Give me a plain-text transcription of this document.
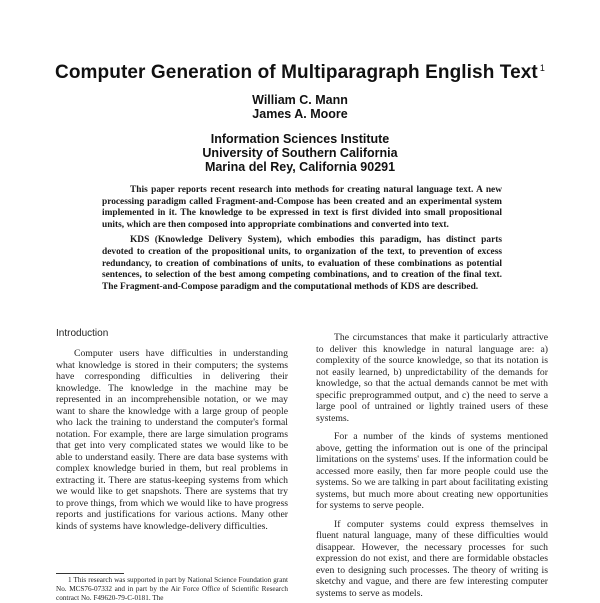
Computer Generation of Multiparagraph English Text $^1$
William C. Mann
James A. Moore
Information Sciences Institute
University of Southern California
Marina del Rey, California 90291

This paper reports recent research into methods for creating natural language text. A new processing paradigm called Fragment-and-Compose has been created and an experimental system implemented in it. The knowledge to be expressed in text is first divided into small propositional units, which are then composed into appropriate combinations and converted into text.

KDS (Knowledge Delivery System), which embodies this paradigm, has distinct parts devoted to creation of the propositional units, to organization of the text, to prevention of excess redundancy, to creation of combinations of units, to evaluation of these combinations as potential sentences, to selection of the best among competing combinations, and to creation of the final text. The Fragment-and-Compose paradigm and the computational methods of KDS are described.

Introduction

Computer users have difficulties in understanding what knowledge is stored in their computers; the systems have corresponding difficulties in delivering their knowledge. The knowledge in the machine may be represented in an incomprehensible notation, or we may want to share the knowledge with a large group of people who lack the training to understand the computer's formal notation. For example, there are large simulation programs that get into very complicated states we would like to be able to understand easily. There are data base systems with complex knowledge buried in them, but real problems in extracting it. There are status-keeping systems from which we would like to get snapshots. There are systems that try to prove things, from which we would like to have progress reports and justifications for various actions. Many other kinds of systems have knowledge-delivery difficulties.

1 This research was supported in part by National Science Foundation grant No. MCS76-07332 and in part by the Air Force Office of Scientific Research contract No. F49620-79-C-0181. The

The circumstances that make it particularly attractive to deliver this knowledge in natural language are: a) complexity of the source knowledge, so that its notation is not easily learned, b) unpredictability of the demands for knowledge, so that the actual demands cannot be met with specific preprogrammed output, and c) the need to serve a large pool of untrained or lightly trained users of these systems.

For a number of the kinds of systems mentioned above, getting the information out is one of the principal limitations on the systems' uses. If the information could be accessed more easily, then far more people could use the systems. So we are talking in part about facilitating existing systems, but much more about creating new opportunities for systems to serve people.

If computer systems could express themselves in fluent natural language, many of these difficulties would disappear. However, the necessary processes for such expression do not exist, and there are formidable obstacles even to designing such processes. The theory of writing is sketchy and vague, and there are few interesting computer systems to serve as models.
